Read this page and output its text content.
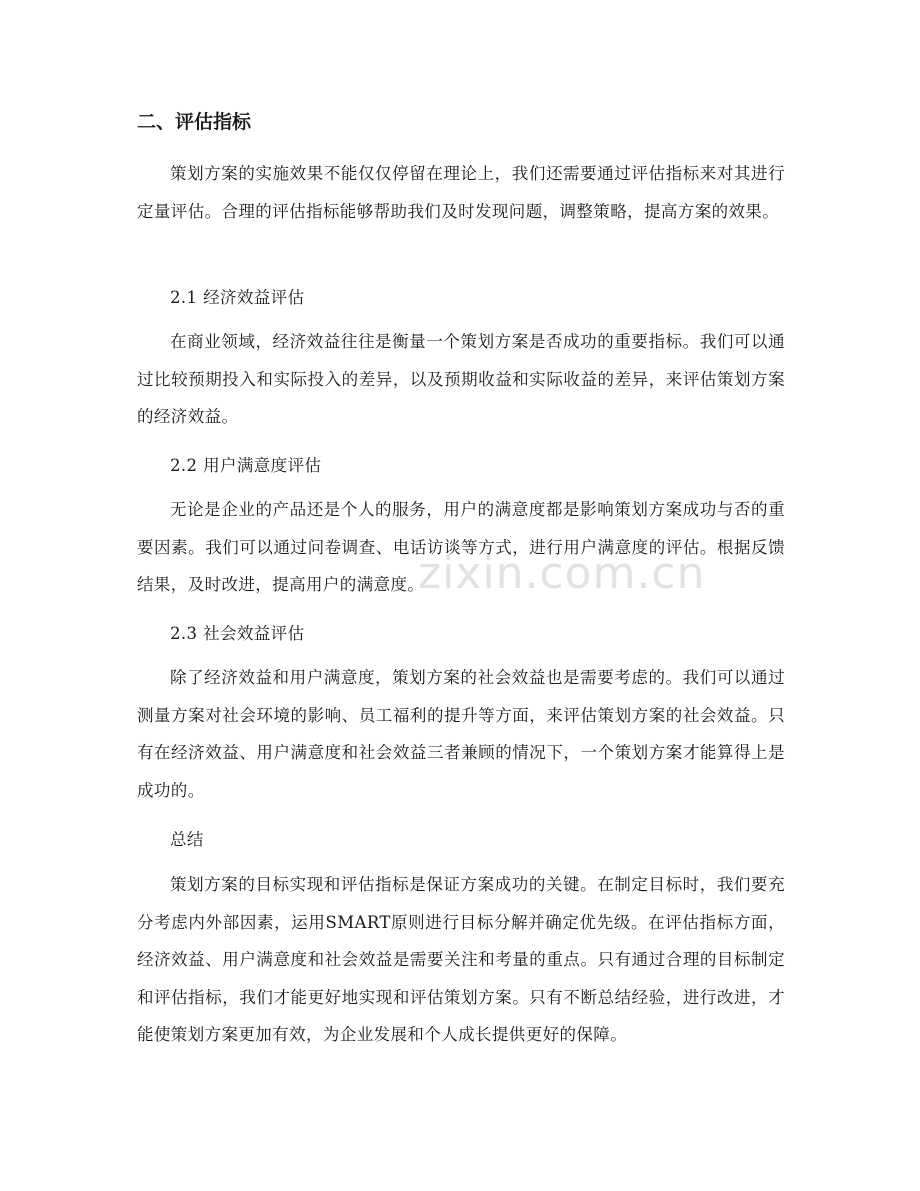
二、评估指标

策划方案的实施效果不能仅仅停留在理论上，我们还需要通过评估指标来对其进行定量评估。合理的评估指标能够帮助我们及时发现问题，调整策略，提高方案的效果。

2.1 经济效益评估

在商业领域，经济效益往往是衡量一个策划方案是否成功的重要指标。我们可以通过比较预期投入和实际投入的差异，以及预期收益和实际收益的差异，来评估策划方案的经济效益。

2.2 用户满意度评估

无论是企业的产品还是个人的服务，用户的满意度都是影响策划方案成功与否的重要因素。我们可以通过问卷调查、电话访谈等方式，进行用户满意度的评估。根据反馈结果，及时改进，提高用户的满意度。

2.3 社会效益评估

除了经济效益和用户满意度，策划方案的社会效益也是需要考虑的。我们可以通过测量方案对社会环境的影响、员工福利的提升等方面，来评估策划方案的社会效益。只有在经济效益、用户满意度和社会效益三者兼顾的情况下，一个策划方案才能算得上是成功的。

总结

策划方案的目标实现和评估指标是保证方案成功的关键。在制定目标时，我们要充分考虑内外部因素，运用SMART原则进行目标分解并确定优先级。在评估指标方面，经济效益、用户满意度和社会效益是需要关注和考量的重点。只有通过合理的目标制定和评估指标，我们才能更好地实现和评估策划方案。只有不断总结经验，进行改进，才能使策划方案更加有效，为企业发展和个人成长提供更好的保障。

zixin.com.cn
